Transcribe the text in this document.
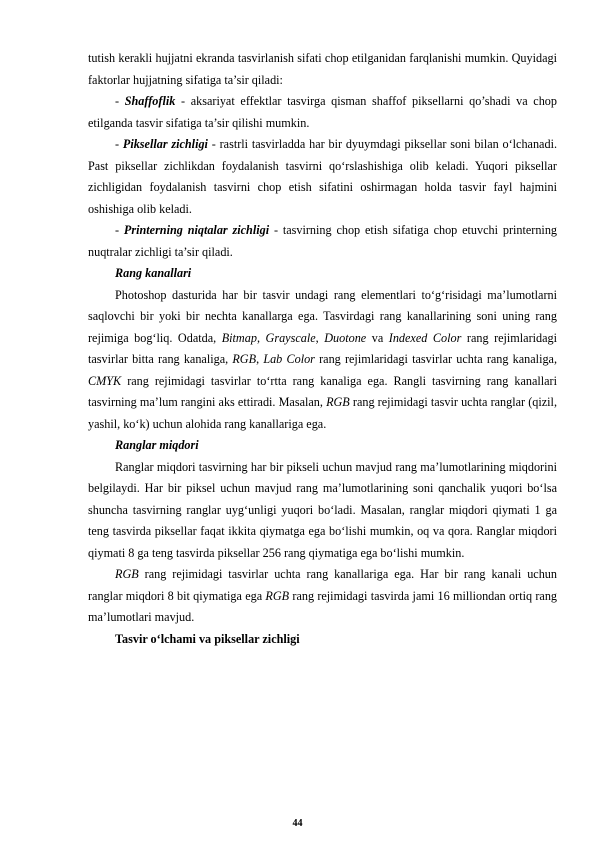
tutish kerakli hujjatni ekranda tasvirlanish sifati chop etilganidan farqlanishi mumkin. Quyidagi faktorlar hujjatning sifatiga ta’sir qiladi:

- Shaffoflik - aksariyat effektlar tasvirga qisman shaffof piksellarni qo’shadi va chop etilganda tasvir sifatiga ta’sir qilishi mumkin.

- Piksellar zichligi - rastrli tasvirladda har bir dyuymdagi piksellar soni bilan o‘lchanadi. Past piksellar zichlikdan foydalanish tasvirni qo‘rslashishiga olib keladi. Yuqori piksellar zichligidan foydalanish tasvirni chop etish sifatini oshirmagan holda tasvir fayl hajmini oshishiga olib keladi.

- Printerning niqtalar zichligi - tasvirning chop etish sifatiga chop etuvchi printerning nuqtralar zichligi ta’sir qiladi.

Rang kanallari

Photoshop dasturida har bir tasvir undagi rang elementlari to‘g‘risidagi ma’lumotlarni saqlovchi bir yoki bir nechta kanallarga ega. Tasvirdagi rang kanallarining soni uning rang rejimiga bog‘liq. Odatda, Bitmap, Grayscale, Duotone va Indexed Color rang rejimlaridagi tasvirlar bitta rang kanaliga, RGB, Lab Color rang rejimlaridagi tasvirlar uchta rang kanaliga, CMYK rang rejimidagi tasvirlar to‘rtta rang kanaliga ega. Rangli tasvirning rang kanallari tasvirning ma’lum rangini aks ettiradi. Masalan, RGB rang rejimidagi tasvir uchta ranglar (qizil, yashil, ko‘k) uchun alohida rang kanallariga ega.

Ranglar miqdori

Ranglar miqdori tasvirning har bir pikseli uchun mavjud rang ma’lumotlarining miqdorini belgilaydi. Har bir piksel uchun mavjud rang ma’lumotlarining soni qanchalik yuqori bo‘lsa shuncha tasvirning ranglar uyg‘unligi yuqori bo‘ladi. Masalan, ranglar miqdori qiymati 1 ga teng tasvirda piksellar faqat ikkita qiymatga ega bo‘lishi mumkin, oq va qora. Ranglar miqdori qiymati 8 ga teng tasvirda piksellar 256 rang qiymatiga ega bo‘lishi mumkin.

RGB rang rejimidagi tasvirlar uchta rang kanallariga ega. Har bir rang kanali uchun ranglar miqdori 8 bit qiymatiga ega RGB rang rejimidagi tasvirda jami 16 milliondan ortiq rang ma’lumotlari mavjud.

Tasvir o‘lchami va piksellar zichligi

44
